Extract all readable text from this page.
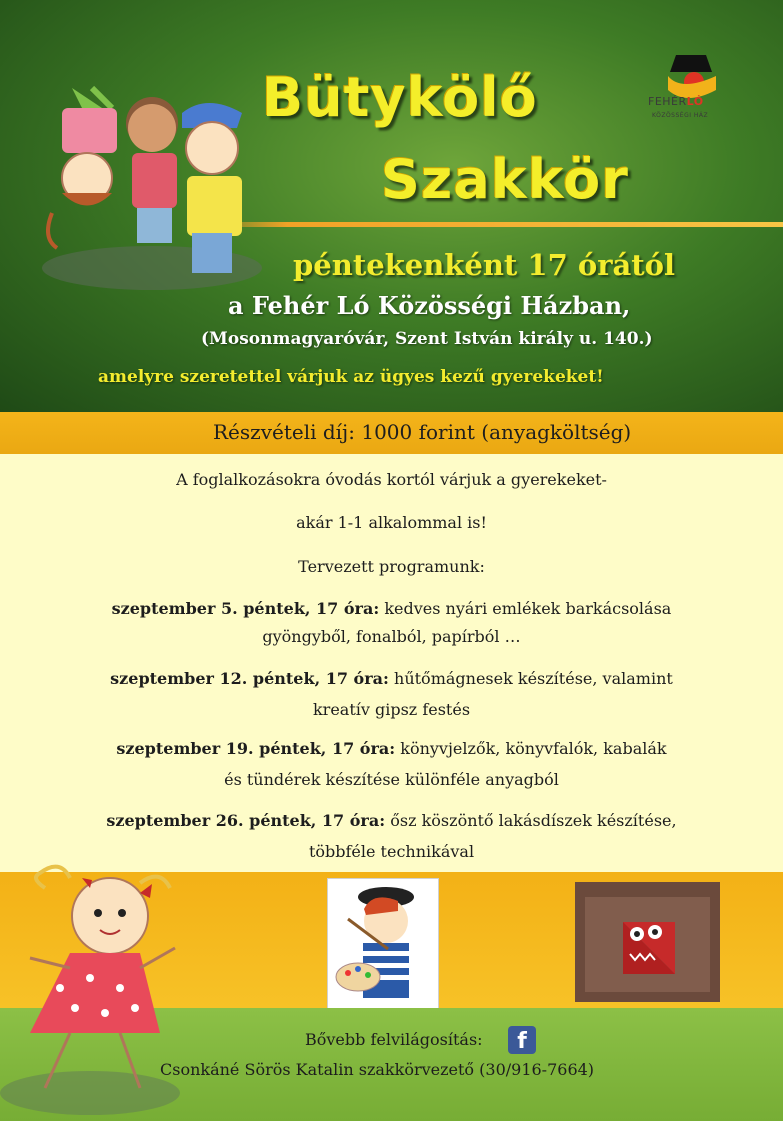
Bütykölő
Szakkör
FEHÉRLÓ
KÖZÖSSÉGI HÁZ
péntekenként 17 órától
a Fehér Ló Közösségi Házban,
(Mosonmagyaróvár, Szent István király u. 140.)
amelyre szeretettel várjuk az ügyes kezű gyerekeket!
Részvételi díj: 1000 forint (anyagköltség)
A foglalkozásokra óvodás kortól várjuk a gyerekeket-
akár 1-1 alkalommal is!
Tervezett programunk:
szeptember 5. péntek, 17 óra: kedves nyári emlékek barkácsolása
gyöngyből, fonalból, papírból …
szeptember 12. péntek, 17 óra: hűtőmágnesek készítése, valamint
kreatív gipsz festés
szeptember 19. péntek, 17 óra: könyvjelzők, könyvfalók, kabalák
és tündérek készítése különféle anyagból
szeptember 26. péntek, 17 óra: ősz köszöntő lakásdíszek készítése,
többféle technikával
Bővebb felvilágosítás:	f
Csonkáné Sörös Katalin szakkörvezető (30/916-7664)
